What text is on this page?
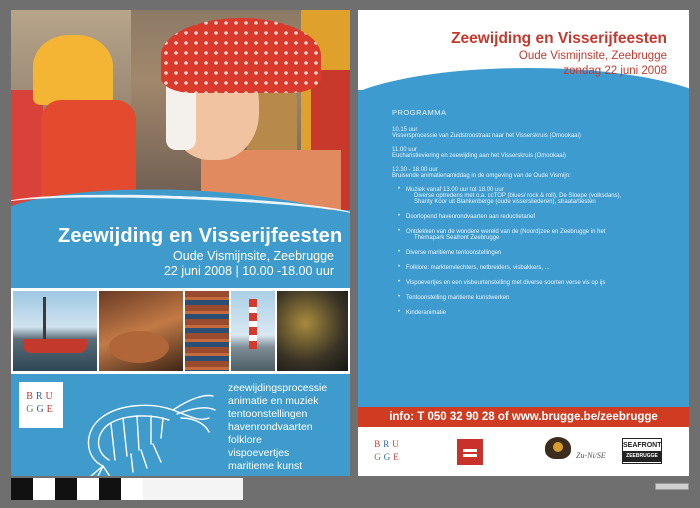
Zeewijding en Visserijfeesten
Oude Vismijnsite, Zeebrugge
22 juni 2008 | 10.00 -18.00 uur
BRU
GGE
zeewijdingsprocessie
animatie en muziek
tentoonstellingen
havenrondvaarten
folklore
vispoevertjes
maritieme kunst
Zeewijding en Visserijfeesten
Oude Vismijnsite, Zeebrugge
zondag 22 juni 2008
PROGRAMMA
10.15 uur
Vissersprocessie van Zuidstroostraat naar het Visserskruis (Omookaai)
11.00 uur
Eucharistieviering en zeewijding aan het Visserskruis (Omookaai)
12.30 - 18.00 uur
Bruisende animatienamiddag in de omgeving van de Oude Vismijn:
• Muziek vanaf 13.00 uur tot 18.00 uur
Diverse optredens met o.a. ccTOP (blues/ rock & roll), De Sloepe (volksdans),
Shanty Koor uit Blankenberge (oude vissersliederen), straatartiesten
• Doorlopend havenrondvaarten aan reductietarief
• Ontdekken van de wondere wereld van de (Noord)zee en Zeebrugge in het
Themapark Seafront Zeebrugge
• Diverse maritieme tentoonstellingen
• Folklore: marktenvlechters, netbreiders, visbakkers, ...
• Vispoevertjes en een visbeurtenstelling met diverse soorten verse vis op ijs
• Tentoonstelling maritieme kunstwerken
• Kinderanimatie
info: T 050 32 90 28 of www.brugge.be/zeebrugge
BRU
GGE	Zu-Ni/SE
SEAFRONT
ZEEBRUGGE
